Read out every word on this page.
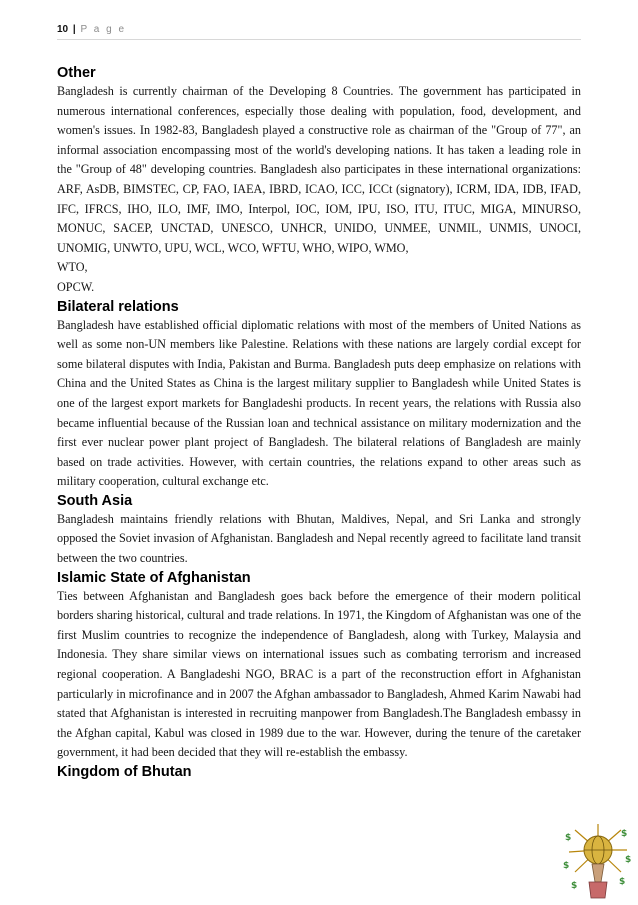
10 | P a g e
Other

Bangladesh is currently chairman of the Developing 8 Countries. The government has participated in numerous international conferences, especially those dealing with population, food, development, and women's issues. In 1982-83, Bangladesh played a constructive role as chairman of the "Group of 77", an informal association encompassing most of the world's developing nations. It has taken a leading role in the "Group of 48" developing countries. Bangladesh also participates in these international organizations: ARF, AsDB, BIMSTEC, CP, FAO, IAEA, IBRD, ICAO, ICC, ICCt (signatory), ICRM, IDA, IDB, IFAD, IFC, IFRCS, IHO, ILO, IMF, IMO, Interpol, IOC, IOM, IPU, ISO, ITU, ITUC, MIGA, MINURSO, MONUC, SACEP, UNCTAD, UNESCO, UNHCR, UNIDO, UNMEE, UNMIL, UNMIS, UNOCI, UNOMIG, UNWTO, UPU, WCL, WCO, WFTU, WHO, WIPO, WMO,

WTO,
OPCW.

Bilateral relations

Bangladesh have established official diplomatic relations with most of the members of United Nations as well as some non-UN members like Palestine. Relations with these nations are largely cordial except for some bilateral disputes with India, Pakistan and Burma. Bangladesh puts deep emphasize on relations with China and the United States as China is the largest military supplier to Bangladesh while United States is one of the largest export markets for Bangladeshi products. In recent years, the relations with Russia also became influential because of the Russian loan and technical assistance on military modernization and the first ever nuclear power plant project of Bangladesh. The bilateral relations of Bangladesh are mainly based on trade activities. However, with certain countries, the relations expand to other areas such as military cooperation, cultural exchange etc.

South Asia

Bangladesh maintains friendly relations with Bhutan, Maldives, Nepal, and Sri Lanka and strongly opposed the Soviet invasion of Afghanistan. Bangladesh and Nepal recently agreed to facilitate land transit between the two countries.

Islamic State of Afghanistan

Ties between Afghanistan and Bangladesh goes back before the emergence of their modern political borders sharing historical, cultural and trade relations. In 1971, the Kingdom of Afghanistan was one of the first Muslim countries to recognize the independence of Bangladesh, along with Turkey, Malaysia and Indonesia. They share similar views on international issues such as combating terrorism and increased regional cooperation. A Bangladeshi NGO, BRAC is a part of the reconstruction effort in Afghanistan particularly in microfinance and in 2007 the Afghan ambassador to Bangladesh, Ahmed Karim Nawabi had stated that Afghanistan is interested in recruiting manpower from Bangladesh.The Bangladesh embassy in the Afghan capital, Kabul was closed in 1989 due to the war. However, during the tenure of the caretaker government, it had been decided that they will re-establish the embassy.

Kingdom of Bhutan
$	$
$
$
$	$
